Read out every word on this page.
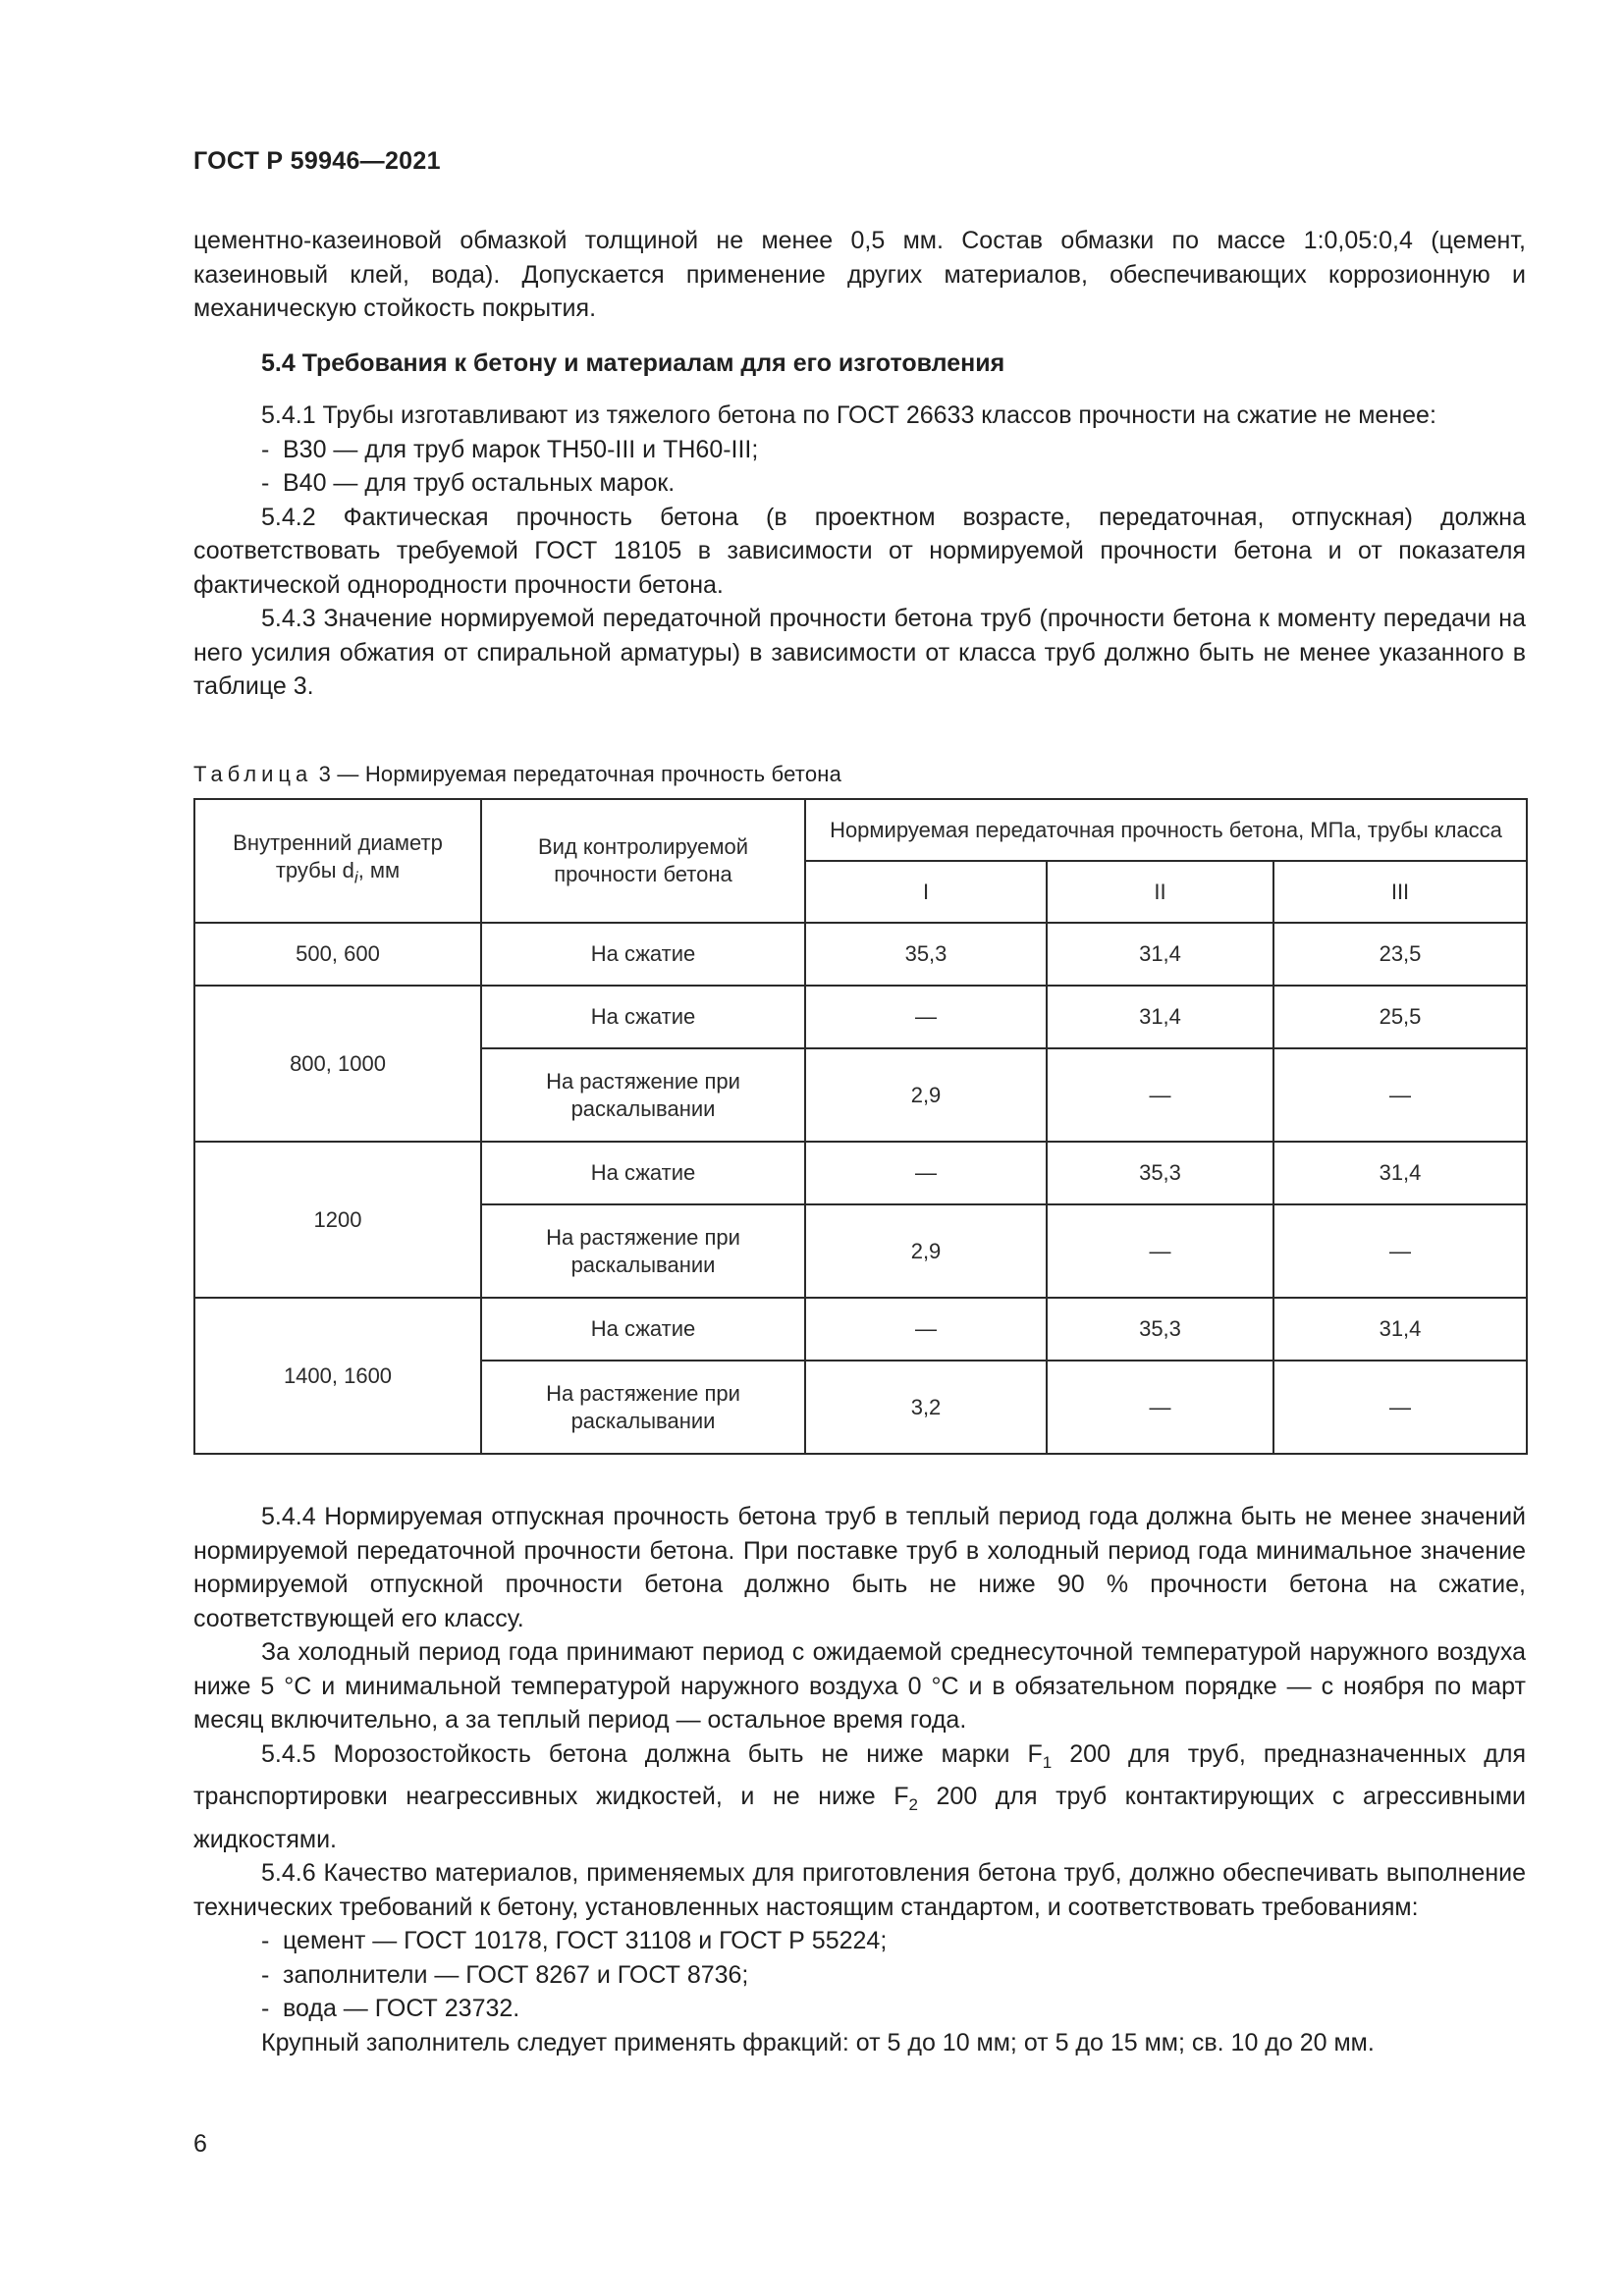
ГОСТ Р 59946—2021

цементно-казеиновой обмазкой толщиной не менее 0,5 мм. Состав обмазки по массе 1:0,05:0,4 (цемент, казеиновый клей, вода). Допускается применение других материалов, обеспечивающих коррозионную и механическую стойкость покрытия.

5.4 Требования к бетону и материалам для его изготовления

5.4.1 Трубы изготавливают из тяжелого бетона по ГОСТ 26633 классов прочности на сжатие не менее:

- В30 — для труб марок ТН50-III и ТН60-III;

- В40 — для труб остальных марок.

5.4.2 Фактическая прочность бетона (в проектном возрасте, передаточная, отпускная) должна соответствовать требуемой ГОСТ 18105 в зависимости от нормируемой прочности бетона и от показателя фактической однородности прочности бетона.

5.4.3 Значение нормируемой передаточной прочности бетона труб (прочности бетона к моменту передачи на него усилия обжатия от спиральной арматуры) в зависимости от класса труб должно быть не менее указанного в таблице 3.

Таблица 3 — Нормируемая передаточная прочность бетона
Внутренний диаметр трубы $d_i$, мм	Вид контролируемой прочности бетона	Нормируемая передаточная прочность бетона, МПа, трубы класса		
		I	II	III
500, 600	На сжатие	35,3	31,4	23,5
800, 1000	На сжатие	—	31,4	25,5
	На растяжение при раскалывании	2,9	—	—
1200	На сжатие	—	35,3	31,4
	На растяжение при раскалывании	2,9	—	—
1400, 1600	На сжатие	—	35,3	31,4
	На растяжение при раскалывании	3,2	—	—

5.4.4 Нормируемая отпускная прочность бетона труб в теплый период года должна быть не менее значений нормируемой передаточной прочности бетона. При поставке труб в холодный период года минимальное значение нормируемой отпускной прочности бетона должно быть не ниже 90 % прочности бетона на сжатие, соответствующей его классу.

За холодный период года принимают период с ожидаемой среднесуточной температурой наружного воздуха ниже 5 °С и минимальной температурой наружного воздуха 0 °С и в обязательном порядке — с ноября по март месяц включительно, а за теплый период — остальное время года.

5.4.5 Морозостойкость бетона должна быть не ниже марки $F_1$ 200 для труб, предназначенных для транспортировки неагрессивных жидкостей, и не ниже $F_2$ 200 для труб контактирующих с агрессивными жидкостями.

5.4.6 Качество материалов, применяемых для приготовления бетона труб, должно обеспечивать выполнение технических требований к бетону, установленных настоящим стандартом, и соответствовать требованиям:

- цемент — ГОСТ 10178, ГОСТ 31108 и ГОСТ Р 55224;

- заполнители — ГОСТ 8267 и ГОСТ 8736;

- вода — ГОСТ 23732.

Крупный заполнитель следует применять фракций: от 5 до 10 мм; от 5 до 15 мм; св. 10 до 20 мм.

6
